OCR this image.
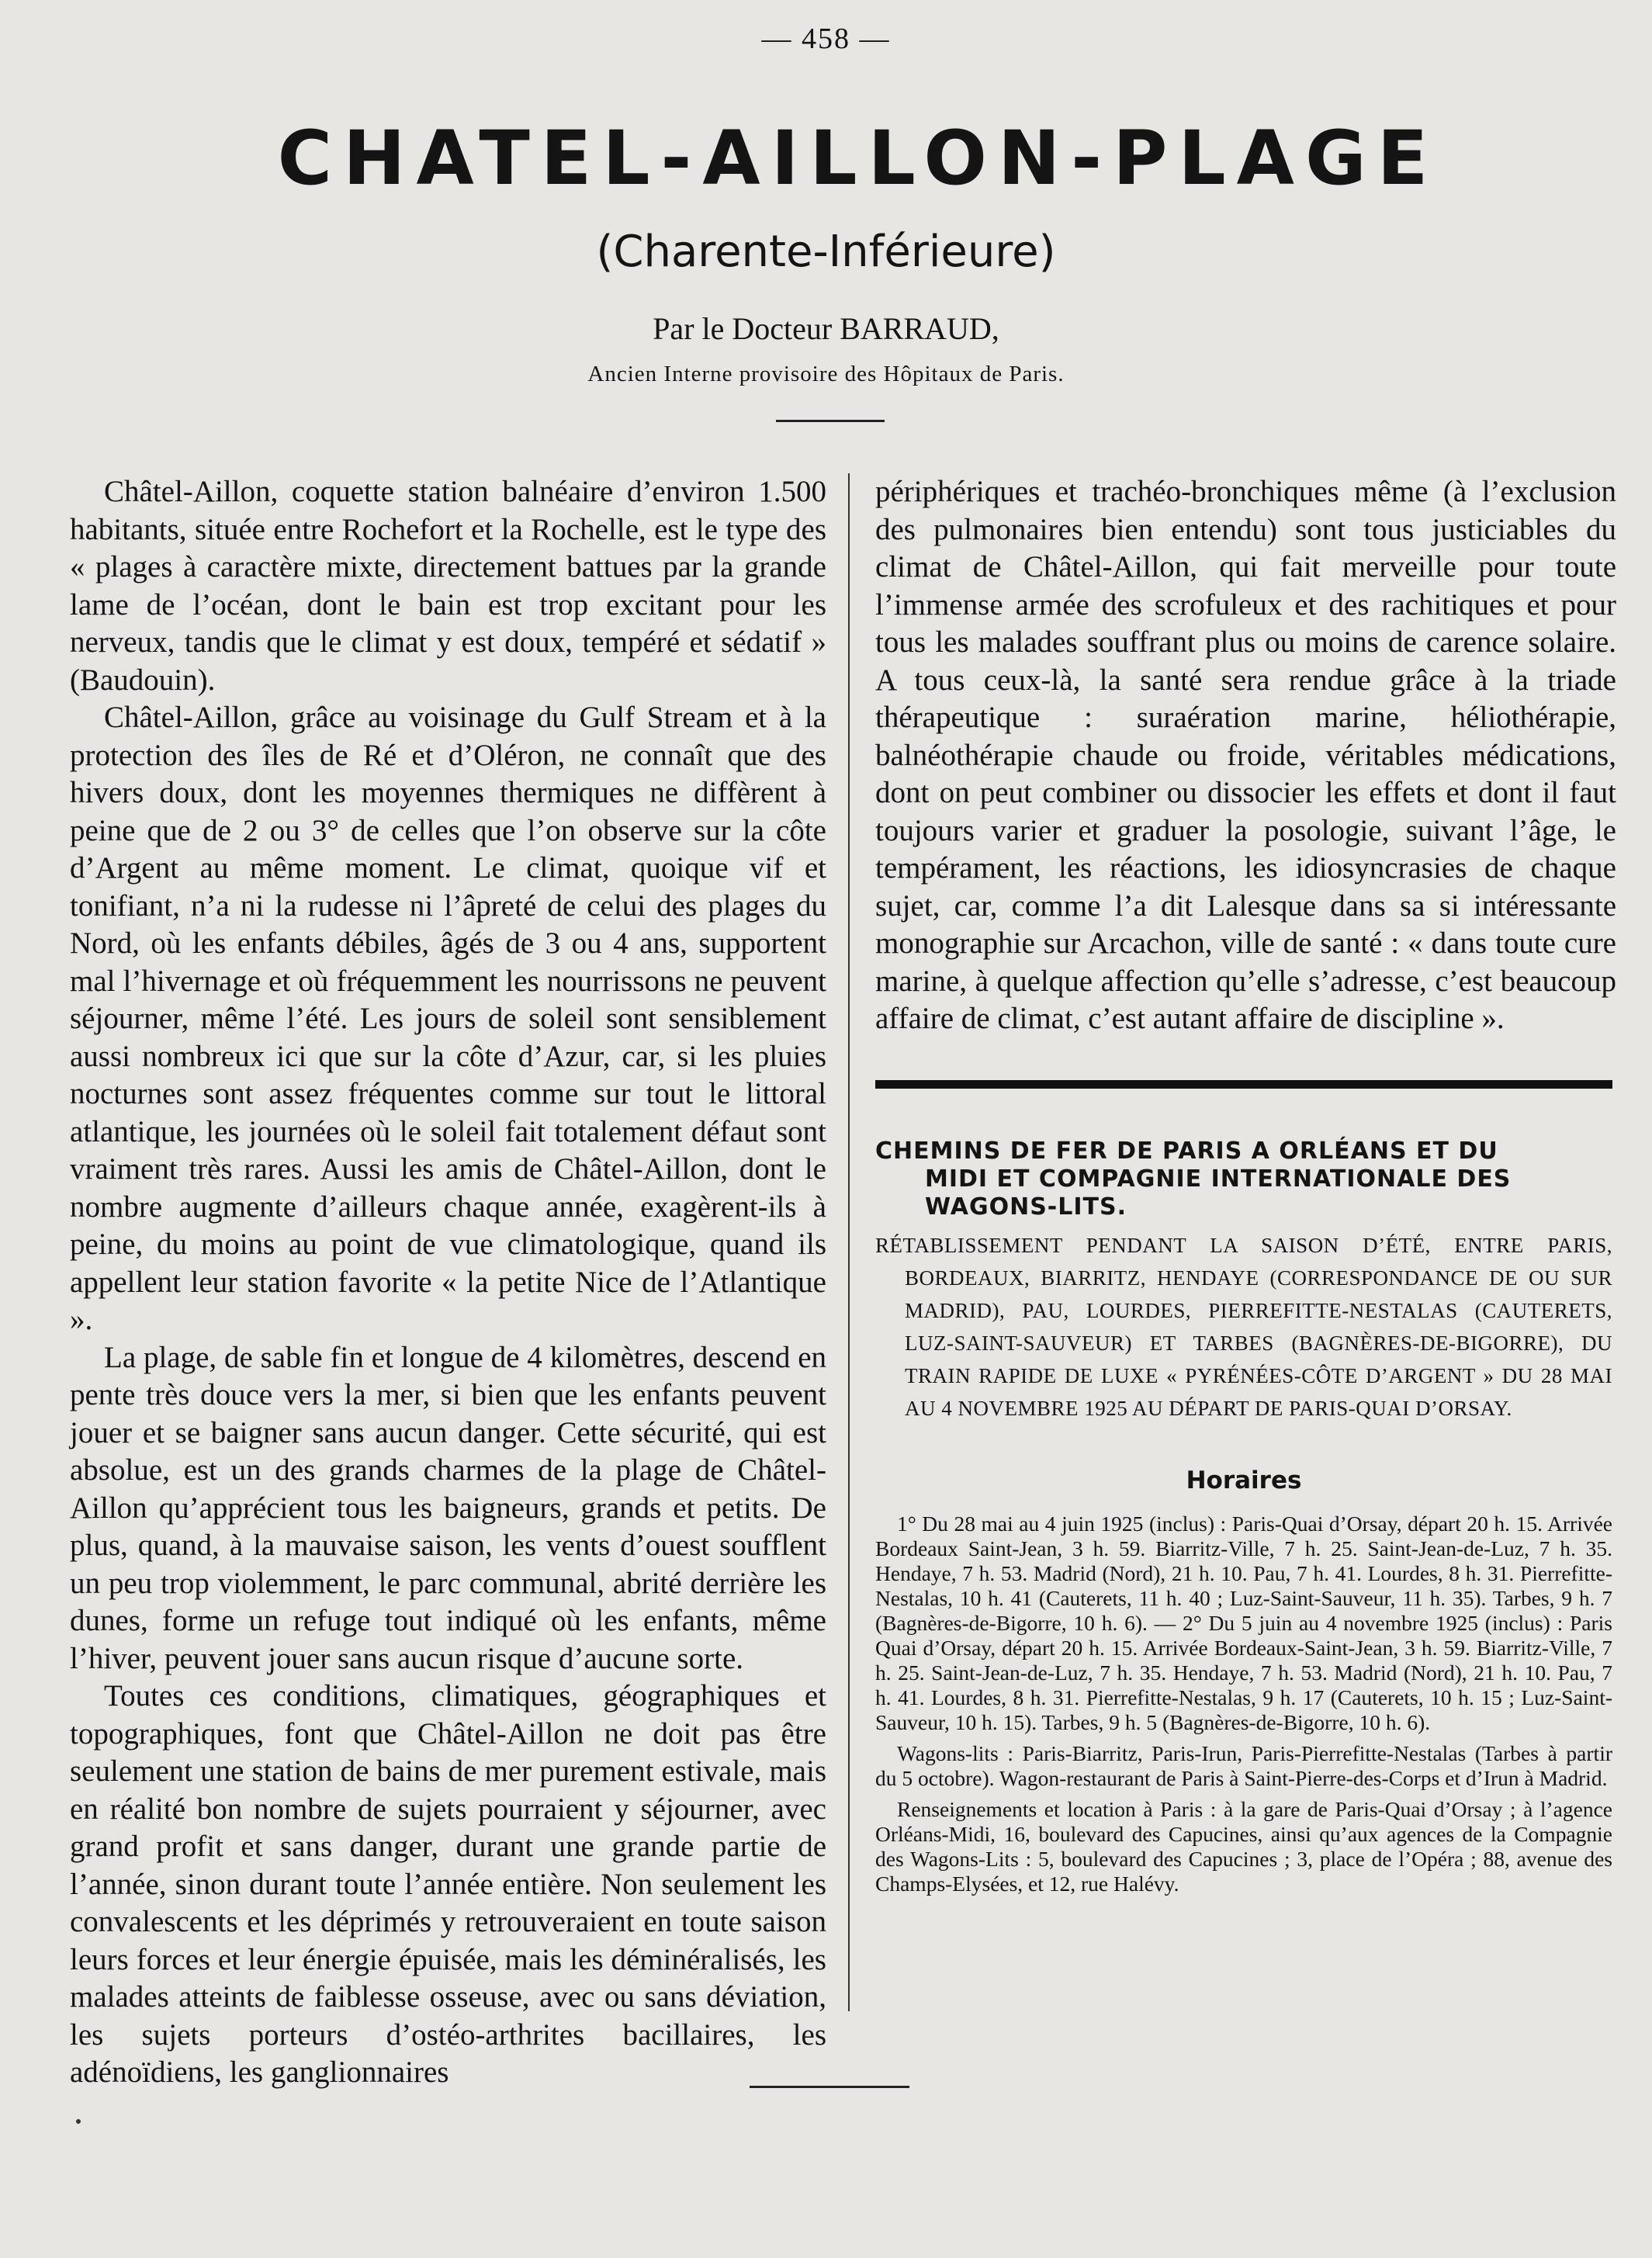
— 458 —
CHATEL-AILLON-PLAGE
(Charente-Inférieure)
Par le Docteur BARRAUD,
Ancien Interne provisoire des Hôpitaux de Paris.

Châtel-Aillon, coquette station balnéaire d’environ 1.500 habitants, située entre Rochefort et la Rochelle, est le type des « plages à caractère mixte, directement battues par la grande lame de l’océan, dont le bain est trop excitant pour les nerveux, tandis que le climat y est doux, tempéré et sédatif » (Baudouin).

Châtel-Aillon, grâce au voisinage du Gulf Stream et à la protection des îles de Ré et d’Oléron, ne connaît que des hivers doux, dont les moyennes thermiques ne diffèrent à peine que de 2 ou 3° de celles que l’on observe sur la côte d’Argent au même moment. Le climat, quoique vif et tonifiant, n’a ni la rudesse ni l’âpreté de celui des plages du Nord, où les enfants débiles, âgés de 3 ou 4 ans, supportent mal l’hivernage et où fréquemment les nourrissons ne peuvent séjourner, même l’été. Les jours de soleil sont sensiblement aussi nombreux ici que sur la côte d’Azur, car, si les pluies nocturnes sont assez fréquentes comme sur tout le littoral atlantique, les journées où le soleil fait totalement défaut sont vraiment très rares. Aussi les amis de Châtel-Aillon, dont le nombre augmente d’ailleurs chaque année, exagèrent-ils à peine, du moins au point de vue climatologique, quand ils appellent leur station favorite « la petite Nice de l’Atlantique ».

La plage, de sable fin et longue de 4 kilomètres, descend en pente très douce vers la mer, si bien que les enfants peuvent jouer et se baigner sans aucun danger. Cette sécurité, qui est absolue, est un des grands charmes de la plage de Châtel-Aillon qu’apprécient tous les baigneurs, grands et petits. De plus, quand, à la mauvaise saison, les vents d’ouest soufflent un peu trop violemment, le parc communal, abrité derrière les dunes, forme un refuge tout indiqué où les enfants, même l’hiver, peuvent jouer sans aucun risque d’aucune sorte.

Toutes ces conditions, climatiques, géographiques et topographiques, font que Châtel-Aillon ne doit pas être seulement une station de bains de mer purement estivale, mais en réalité bon nombre de sujets pourraient y séjourner, avec grand profit et sans danger, durant une grande partie de l’année, sinon durant toute l’année entière. Non seulement les convalescents et les déprimés y retrouveraient en toute saison leurs forces et leur énergie épuisée, mais les déminéralisés, les malades atteints de faiblesse osseuse, avec ou sans déviation, les sujets porteurs d’ostéo-arthrites bacillaires, les adénoïdiens, les ganglionnaires

périphériques et trachéo-bronchiques même (à l’exclusion des pulmonaires bien entendu) sont tous justiciables du climat de Châtel-Aillon, qui fait merveille pour toute l’immense armée des scrofuleux et des rachitiques et pour tous les malades souffrant plus ou moins de carence solaire. A tous ceux-là, la santé sera rendue grâce à la triade thérapeutique : suraération marine, héliothérapie, balnéothérapie chaude ou froide, véritables médications, dont on peut combiner ou dissocier les effets et dont il faut toujours varier et graduer la posologie, suivant l’âge, le tempérament, les réactions, les idiosyncrasies de chaque sujet, car, comme l’a dit Lalesque dans sa si intéressante monographie sur Arcachon, ville de santé : « dans toute cure marine, à quelque affection qu’elle s’adresse, c’est beaucoup affaire de climat, c’est autant affaire de discipline ».

CHEMINS DE FER DE PARIS A ORLÉANS ET DU
MIDI ET COMPAGNIE INTERNATIONALE DES
WAGONS-LITS.

RÉTABLISSEMENT PENDANT LA SAISON D’ÉTÉ, ENTRE PARIS, BORDEAUX, BIARRITZ, HENDAYE (CORRESPONDANCE DE OU SUR MADRID), PAU, LOURDES, PIERREFITTE-NESTALAS (CAUTERETS, LUZ-SAINT-SAUVEUR) ET TARBES (BAGNÈRES-DE-BIGORRE), DU TRAIN RAPIDE DE LUXE « PYRÉNÉES-CÔTE D’ARGENT » DU 28 MAI AU 4 NOVEMBRE 1925 AU DÉPART DE PARIS-QUAI D’ORSAY.

Horaires

1° Du 28 mai au 4 juin 1925 (inclus) : Paris-Quai d’Orsay, départ 20 h. 15. Arrivée Bordeaux Saint-Jean, 3 h. 59. Biarritz-Ville, 7 h. 25. Saint-Jean-de-Luz, 7 h. 35. Hendaye, 7 h. 53. Madrid (Nord), 21 h. 10. Pau, 7 h. 41. Lourdes, 8 h. 31. Pierrefitte-Nestalas, 10 h. 41 (Cauterets, 11 h. 40 ; Luz-Saint-Sauveur, 11 h. 35). Tarbes, 9 h. 7 (Bagnères-de-Bigorre, 10 h. 6). — 2° Du 5 juin au 4 novembre 1925 (inclus) : Paris Quai d’Orsay, départ 20 h. 15. Arrivée Bordeaux-Saint-Jean, 3 h. 59. Biarritz-Ville, 7 h. 25. Saint-Jean-de-Luz, 7 h. 35. Hendaye, 7 h. 53. Madrid (Nord), 21 h. 10. Pau, 7 h. 41. Lourdes, 8 h. 31. Pierrefitte-Nestalas, 9 h. 17 (Cauterets, 10 h. 15 ; Luz-Saint-Sauveur, 10 h. 15). Tarbes, 9 h. 5 (Bagnères-de-Bigorre, 10 h. 6).

Wagons-lits : Paris-Biarritz, Paris-Irun, Paris-Pierrefitte-Nestalas (Tarbes à partir du 5 octobre). Wagon-restaurant de Paris à Saint-Pierre-des-Corps et d’Irun à Madrid.

Renseignements et location à Paris : à la gare de Paris-Quai d’Orsay ; à l’agence Orléans-Midi, 16, boulevard des Capucines, ainsi qu’aux agences de la Compagnie des Wagons-Lits : 5, boulevard des Capucines ; 3, place de l’Opéra ; 88, avenue des Champs-Elysées, et 12, rue Halévy.
